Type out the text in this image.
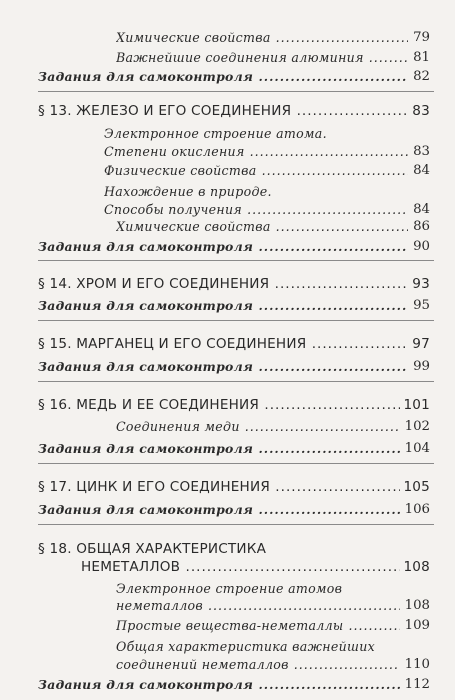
Химические свойства .....	79
Важнейшие соединения алюминия .....	81
Задания для самоконтроля .....	82
§ 13. ЖЕЛЕЗО И ЕГО СОЕДИНЕНИЯ .....	83
Электронное строение атома.
Степени окисления .....	83
Физические свойства .....	84
Нахождение в природе.
Способы получения .....	84
Химические свойства .....	86
Задания для самоконтроля .....	90
§ 14. ХРОМ И ЕГО СОЕДИНЕНИЯ .....	93
Задания для самоконтроля .....	95
§ 15. МАРГАНЕЦ И ЕГО СОЕДИНЕНИЯ .....	97
Задания для самоконтроля .....	99
§ 16. МЕДЬ И ЕЕ СОЕДИНЕНИЯ .....	101
Соединения меди .....	102
Задания для самоконтроля .....	104
§ 17. ЦИНК И ЕГО СОЕДИНЕНИЯ .....	105
Задания для самоконтроля .....	106
§ 18. ОБЩАЯ ХАРАКТЕРИСТИКА
НЕМЕТАЛЛОВ .....	108
Электронное строение атомов
неметаллов .....	108
Простые вещества-неметаллы .....	109
Общая характеристика важнейших
соединений неметаллов .....	110
Задания для самоконтроля .....	112
